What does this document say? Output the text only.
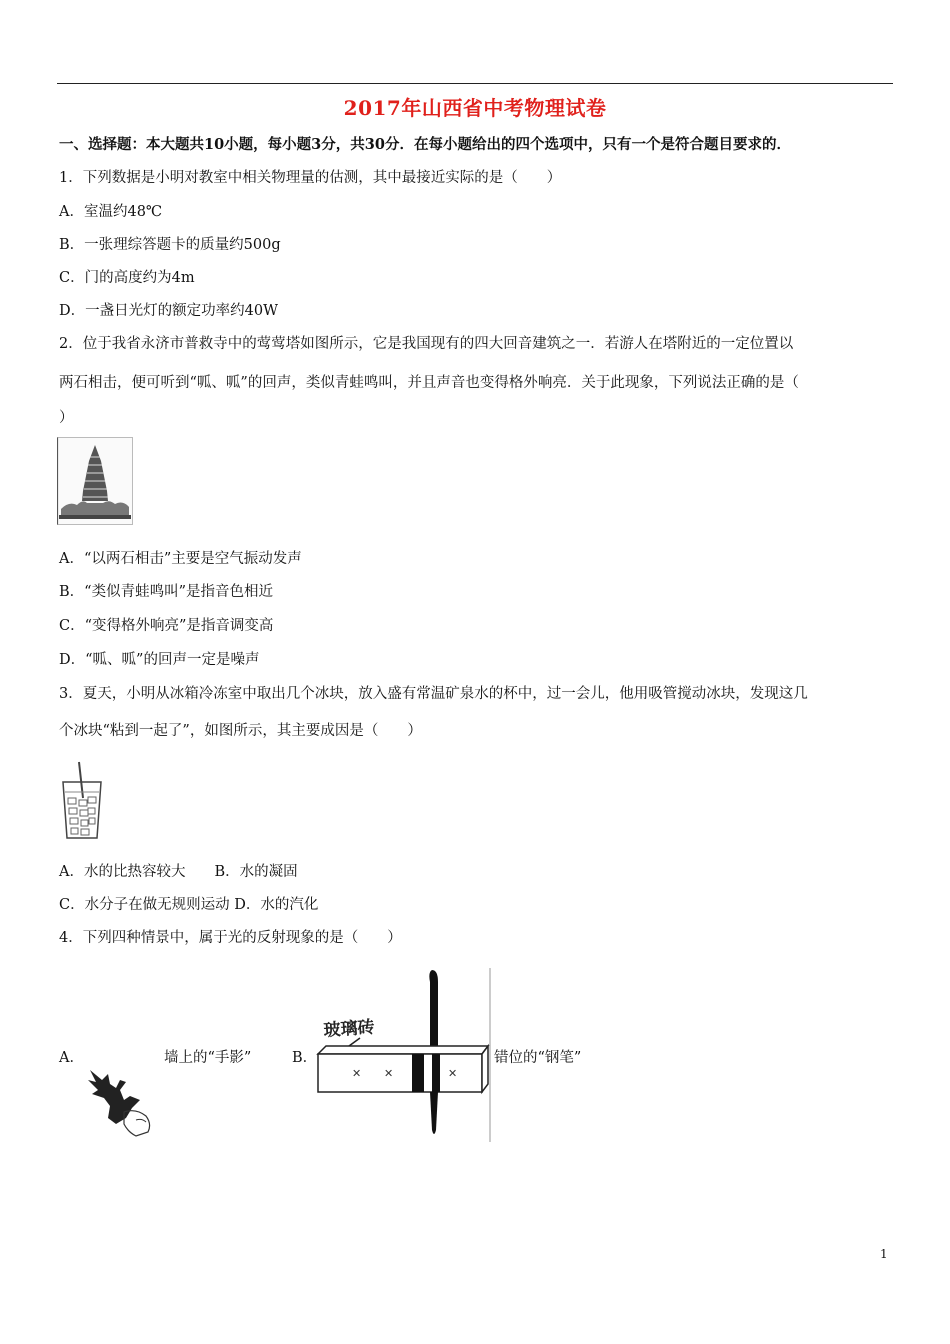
2017年山西省中考物理试卷
一、选择题：本大题共10小题，每小题3分，共30分．在每小题给出的四个选项中，只有一个是符合题目要求的．
1．下列数据是小明对教室中相关物理量的估测，其中最接近实际的是（　　）
A．室温约48℃
B．一张理综答题卡的质量约500g
C．门的高度约为4m
D．一盏日光灯的额定功率约40W
2．位于我省永济市普救寺中的莺莺塔如图所示，它是我国现有的四大回音建筑之一．若游人在塔附近的一定位置以
两石相击，便可听到“呱、呱”的回声，类似青蛙鸣叫，并且声音也变得格外响亮．关于此现象，下列说法正确的是（
）
A．“以两石相击”主要是空气振动发声
B．“类似青蛙鸣叫”是指音色相近
C．“变得格外响亮”是指音调变高
D．“呱、呱”的回声一定是噪声
3．夏天，小明从冰箱冷冻室中取出几个冰块，放入盛有常温矿泉水的杯中，过一会儿，他用吸管搅动冰块，发现这几
个冰块“粘到一起了”，如图所示，其主要成因是（　　）
A．水的比热容较大　　B．水的凝固
C．水分子在做无规则运动 D．水的汽化
4．下列四种情景中，属于光的反射现象的是（　　）
A．	墙上的“手影”	B．
玻璃砖
✕ ✕	✕
错位的“钢笔”
1
